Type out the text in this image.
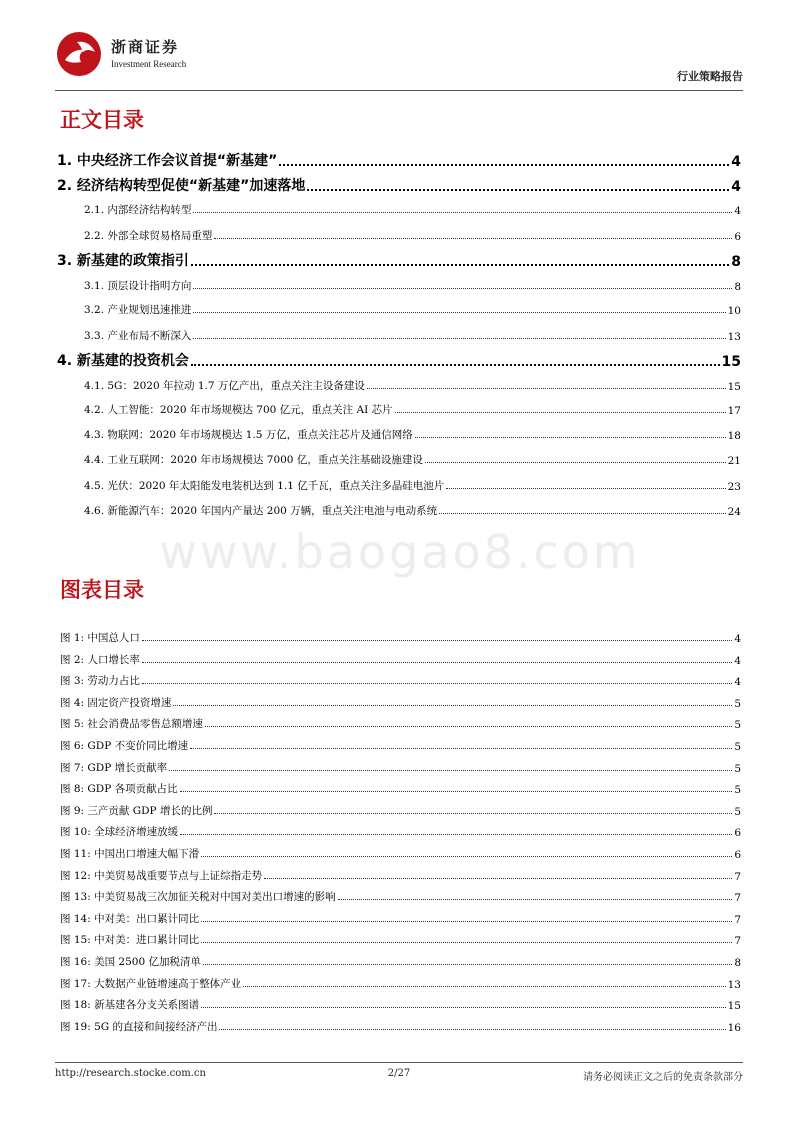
浙商证券
Investment Research
行业策略报告
正文目录
1. 中央经济工作会议首提“新基建”	4
2. 经济结构转型促使“新基建”加速落地	4
2.1. 内部经济结构转型	4
2.2. 外部全球贸易格局重塑	6
3. 新基建的政策指引	8
3.1. 顶层设计指明方向	8
3.2. 产业规划迅速推进	10
3.3. 产业布局不断深入	13
4. 新基建的投资机会	15
4.1. 5G：2020 年拉动 1.7 万亿产出，重点关注主设备建设	15
4.2. 人工智能：2020 年市场规模达 700 亿元，重点关注 AI 芯片	17
4.3. 物联网：2020 年市场规模达 1.5 万亿，重点关注芯片及通信网络	18
4.4. 工业互联网：2020 年市场规模达 7000 亿，重点关注基础设施建设	21
4.5. 光伏：2020 年太阳能发电装机达到 1.1 亿千瓦，重点关注多晶硅电池片	23
4.6. 新能源汽车：2020 年国内产量达 200 万辆，重点关注电池与电动系统	24
www.baogao8.com
图表目录
图 1: 中国总人口	4
图 2: 人口增长率	4
图 3: 劳动力占比	4
图 4: 固定资产投资增速	5
图 5: 社会消费品零售总额增速	5
图 6: GDP 不变价同比增速	5
图 7: GDP 增长贡献率	5
图 8: GDP 各项贡献占比	5
图 9: 三产贡献 GDP 增长的比例	5
图 10: 全球经济增速放缓	6
图 11: 中国出口增速大幅下滑	6
图 12: 中美贸易战重要节点与上证综指走势	7
图 13: 中美贸易战三次加征关税对中国对美出口增速的影响	7
图 14: 中对美：出口累计同比	7
图 15: 中对美：进口累计同比	7
图 16: 美国 2500 亿加税清单	8
图 17: 大数据产业链增速高于整体产业	13
图 18: 新基建各分支关系图谱	15
图 19: 5G 的直接和间接经济产出	16
http://research.stocke.com.cn	2/27	请务必阅读正文之后的免责条款部分
